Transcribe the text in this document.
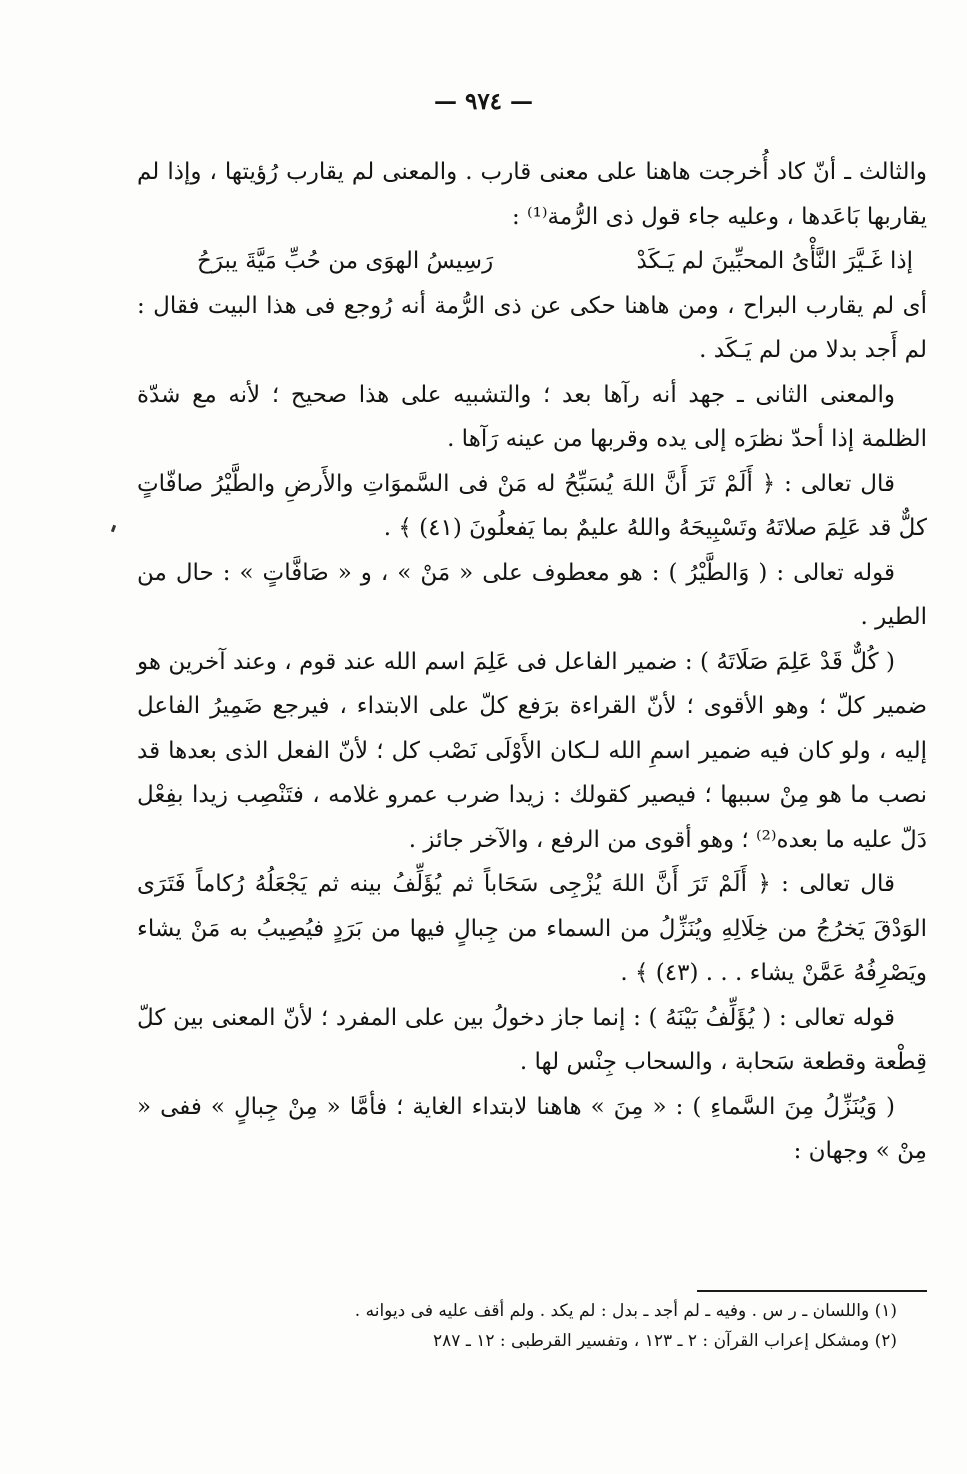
— ٩٧٤ —

والثالث ـ أنّ كاد أُخرجت هاهنا على معنى قارب . والمعنى لم يقارب رُؤيتها ، وإذا لم يقاربها بَاعَدها ، وعليه جاء قول ذى الرُّمة⁽¹⁾ :

إذا غَـيَّرَ النَّأْىُ المحبِّينَ لم يَـكَدْ
رَسِيسُ الهوَى من حُبِّ مَيَّةَ يبرَحُ

أى لم يقارب البراح ، ومن هاهنا حكى عن ذى الرُّمة أنه رُوجع فى هذا البيت فقال : لم أَجد بدلا من لم يَـكَد .

والمعنى الثانى ـ جهد أنه رآها بعد ؛ والتشبيه على هذا صحيح ؛ لأنه مع شدّة الظلمة إذا أحدّ نظرَه إلى يده وقربها من عينه رَآها .

قال تعالى : ﴿ أَلَمْ تَرَ أَنَّ اللهَ يُسَبِّحُ له مَنْ فى السَّموَاتِ والأَرضِ والطَّيْرُ صافّاتٍ كلٌّ قد عَلِمَ صلاتَهُ وتَسْبِيحَهُ واللهُ عليمٌ بما يَفعلُونَ (٤١) ﴾ .

قوله تعالى : ( وَالطَّيْرُ ) : هو معطوف على « مَنْ » ، و « صَافَّاتٍ » : حال من الطير .

( كُلٌّ قَدْ عَلِمَ صَلَاتَهُ ) : ضمير الفاعل فى عَلِمَ اسم الله عند قوم ، وعند آخرين هو ضمير كلّ ؛ وهو الأقوى ؛ لأنّ القراءة برَفع كلّ على الابتداء ، فيرجع ضَمِيرُ الفاعل إليه ، ولو كان فيه ضمير اسمِ الله لـكان الأَوْلَى نَصْب كل ؛ لأنّ الفعل الذى بعدها قد نصب ما هو مِنْ سببها ؛ فيصير كقولك : زيدا ضرب عمرو غلامه ، فتَنْصِب زيدا بفِعْل دَلّ عليه ما بعده⁽²⁾ ؛ وهو أقوى من الرفع ، والآخر جائز .

قال تعالى : ﴿ أَلَمْ تَرَ أَنَّ اللهَ يُزْجِى سَحَاباً ثم يُؤَلِّفُ بينه ثم يَجْعَلُهُ رُكاماً فَتَرَى الوَدْقَ يَخرُجُ من خِلَالِهِ ويُنَزِّلُ من السماء من جِبالٍ فيها من بَرَدٍ فيُصِيبُ به مَنْ يشاء ويَصْرِفُهُ عَمَّنْ يشاء . . . (٤٣) ﴾ .

قوله تعالى : ( يُؤَلِّفُ بَيْنَهُ ) : إنما جاز دخولُ بين على المفرد ؛ لأنّ المعنى بين كلّ قِطْعة وقطعة سَحابة ، والسحاب جِنْس لها .

( وَيُنَزِّلُ مِنَ السَّماءِ ) : « مِنَ » هاهنا لابتداء الغاية ؛ فأمَّا « مِنْ جِبالٍ » ففى « مِنْ » وجهان :

(١) واللسان ـ ر س . وفيه ـ لم أجد ـ بدل : لم يكد . ولم أقف عليه فى ديوانه .

(٢) ومشكل إعراب القرآن : ٢ ـ ١٢٣ ، وتفسير القرطبى : ١٢ ـ ٢٨٧
